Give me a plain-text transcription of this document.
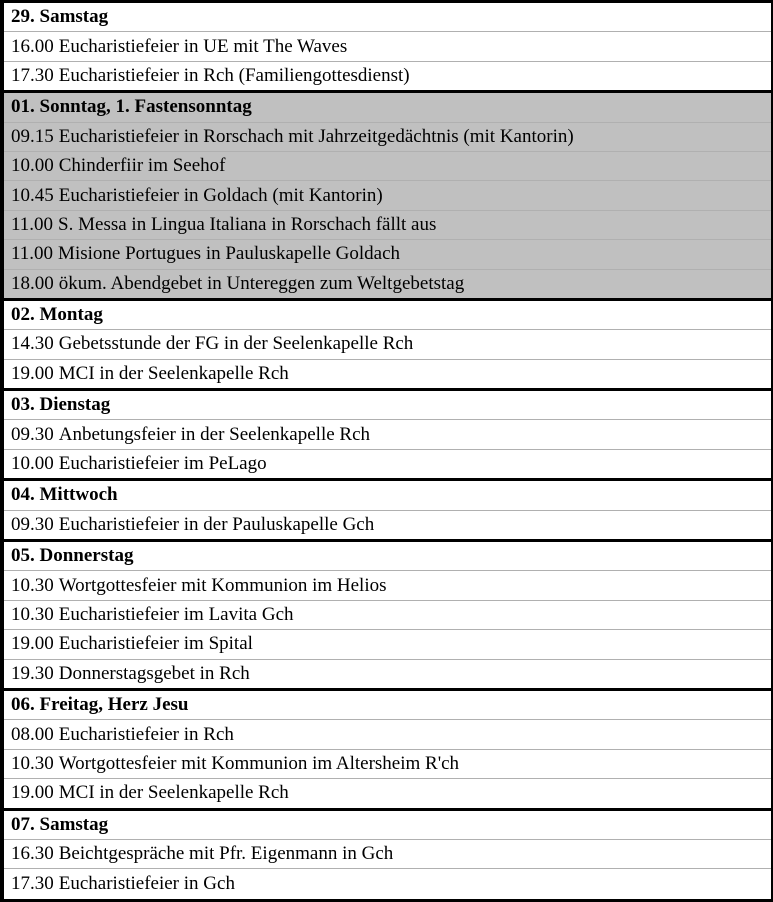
29. Samstag
16.00 Eucharistiefeier in UE mit The Waves
17.30 Eucharistiefeier in Rch (Familiengottesdienst)
01. Sonntag, 1. Fastensonntag
09.15 Eucharistiefeier in Rorschach mit Jahrzeitgedächtnis (mit Kantorin)
10.00 Chinderfiir im Seehof
10.45 Eucharistiefeier in Goldach (mit Kantorin)
11.00 S. Messa in Lingua Italiana in Rorschach fällt aus
11.00 Misione Portugues in Pauluskapelle Goldach
18.00 ökum. Abendgebet in Untereggen zum Weltgebetstag
02. Montag
14.30 Gebetsstunde der FG in der Seelenkapelle Rch
19.00 MCI in der Seelenkapelle Rch
03. Dienstag
09.30 Anbetungsfeier in der Seelenkapelle Rch
10.00 Eucharistiefeier im PeLago
04. Mittwoch
09.30 Eucharistiefeier in der Pauluskapelle Gch
05. Donnerstag
10.30 Wortgottesfeier mit Kommunion im Helios
10.30 Eucharistiefeier im Lavita Gch
19.00 Eucharistiefeier im Spital
19.30 Donnerstagsgebet in Rch
06. Freitag, Herz Jesu
08.00 Eucharistiefeier in Rch
10.30 Wortgottesfeier mit Kommunion im Altersheim R'ch
19.00 MCI in der Seelenkapelle Rch
07. Samstag
16.30 Beichtgespräche mit Pfr. Eigenmann in Gch
17.30 Eucharistiefeier in Gch
